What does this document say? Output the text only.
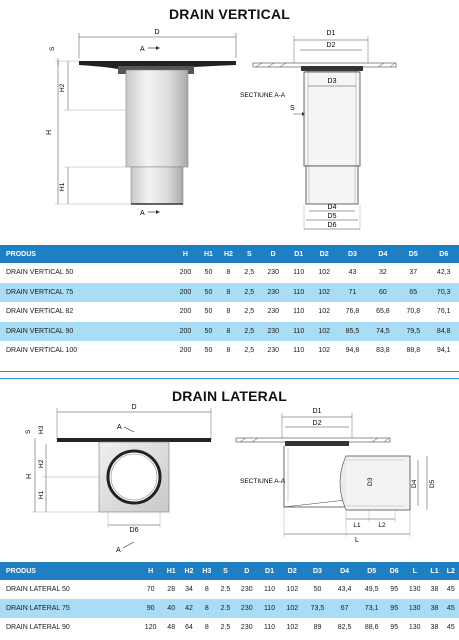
DRAIN VERTICAL
D
A
A
H
H2
H1
S
D1
D2
D3
S
SECTIUNE A-A
D4
D5
D6
PRODUS	H	H1	H2	S	D	D1	D2	D3	D4	D5	D6
DRAIN VERTICAL 50	200	50	8	2,5	230	110	102	43	32	37	42,3
DRAIN VERTICAL 75	200	50	8	2,5	230	110	102	71	60	65	70,3
DRAIN VERTICAL 82	200	50	8	2,5	230	110	102	76,8	65,8	70,8	76,1
DRAIN VERTICAL 90	200	50	8	2,5	230	110	102	85,5	74,5	79,5	84,8
DRAIN VERTICAL 100	200	50	8	2,5	230	110	102	94,8	83,8	88,8	94,1
DRAIN LATERAL
D
A
A
D6
H
H2
H1
H3
S
D1
D2
SECTIUNE A-A	D3	D4 D5
L1	L2
L
PRODUS	H	H1	H2	H3	S	D	D1	D2	D3	D4	D5	D6	L	L1	L2
DRAIN LATERAL 50	70	28	34	8	2.5	230	110	102	50	43,4	49,5	95	130	38	45
DRAIN LATERAL 75	90	40	42	8	2.5	230	110	102	73,5	67	73,1	95	130	38	45
DRAIN LATERAL 90	120	48	64	8	2.5	230	110	102	89	82,5	88,6	95	130	38	45
